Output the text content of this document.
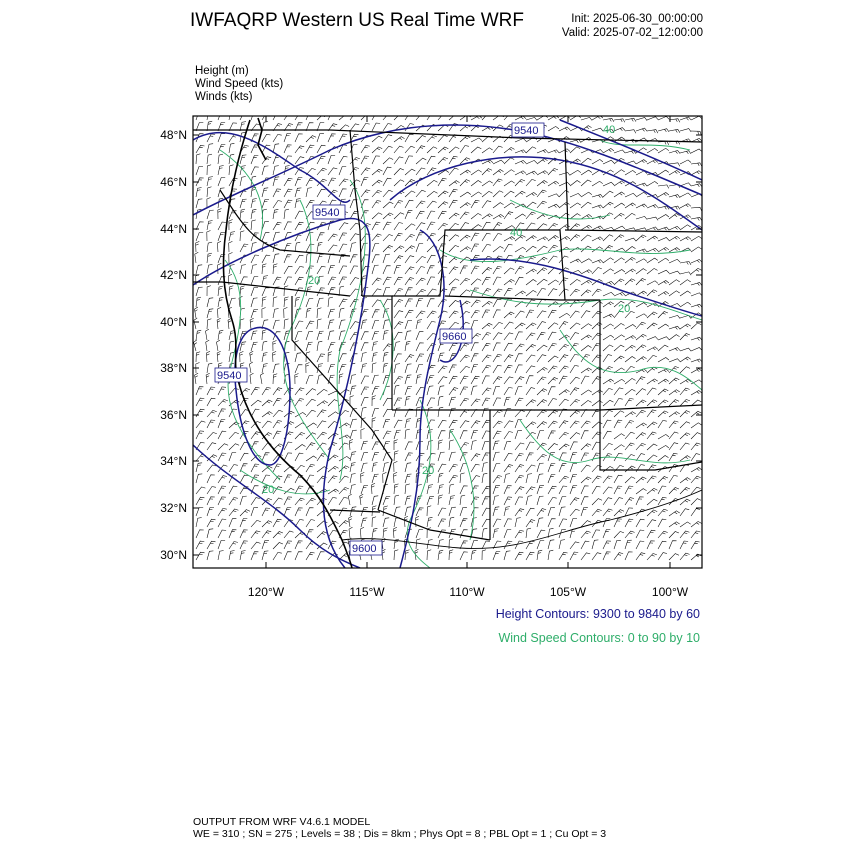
IWFAQRP Western US Real Time WRF	Init: 2025-06-30_00:00:00
Valid: 2025-07-02_12:00:00
Height (m)
Wind Speed (kts)
Winds (kts)
9540
9540
9540
9660
9600
40
40
20
20
20
20
48°N
46°N
44°N
42°N
40°N
38°N
36°N
34°N
32°N
30°N
120°W	115°W	110°W	105°W	100°W
Height Contours: 9300 to 9840 by 60
Wind Speed Contours: 0 to 90 by 10
OUTPUT FROM WRF V4.6.1 MODEL
WE = 310 ; SN = 275 ; Levels = 38 ; Dis = 8km ; Phys Opt = 8 ; PBL Opt = 1 ; Cu Opt = 3
